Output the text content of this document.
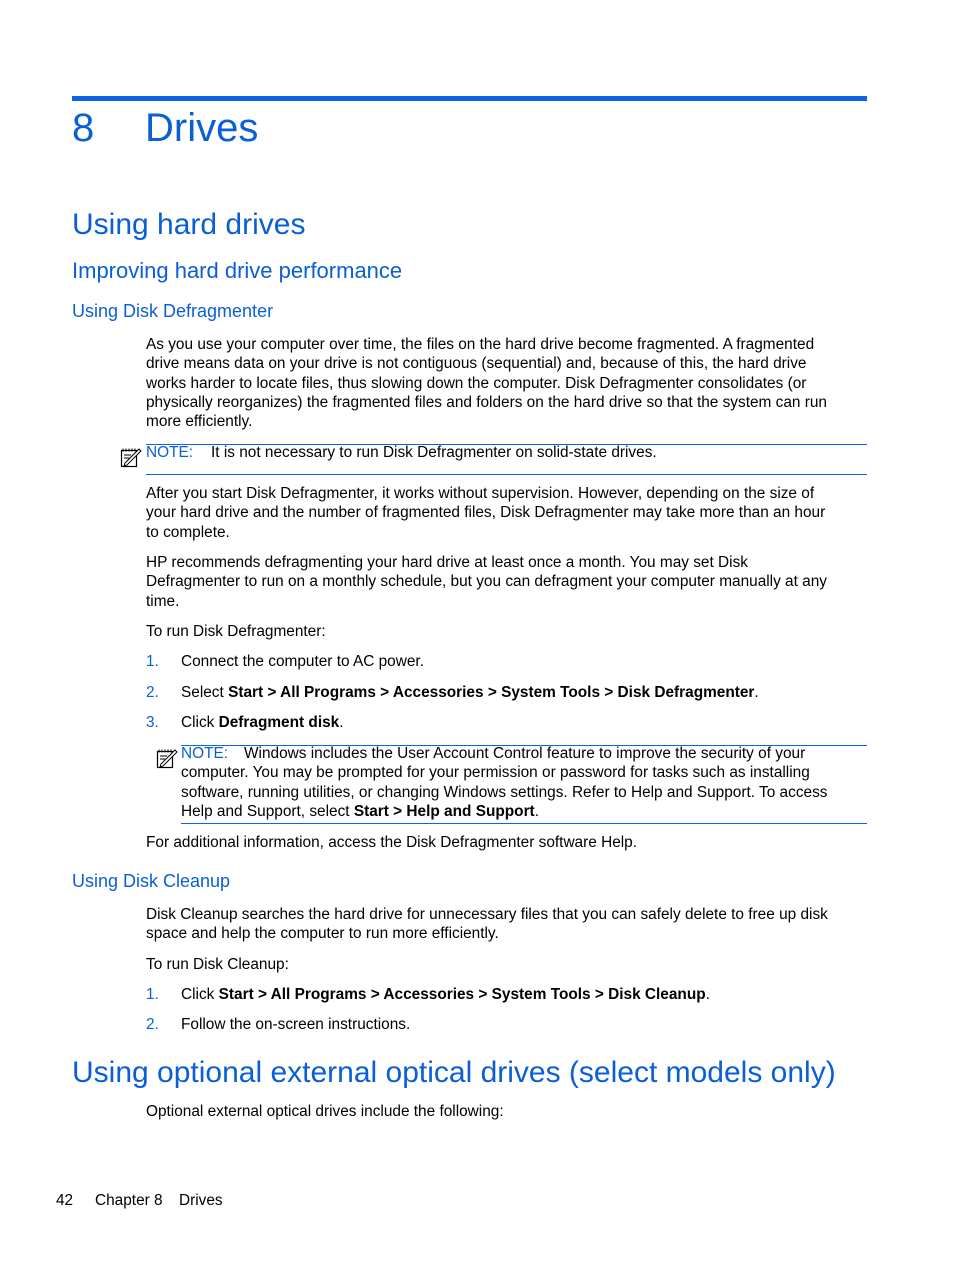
8 Drives
Using hard drives
Improving hard drive performance
Using Disk Defragmenter
As you use your computer over time, the files on the hard drive become fragmented. A fragmented
drive means data on your drive is not contiguous (sequential) and, because of this, the hard drive
works harder to locate files, thus slowing down the computer. Disk Defragmenter consolidates (or
physically reorganizes) the fragmented files and folders on the hard drive so that the system can run
more efficiently.
NOTE: It is not necessary to run Disk Defragmenter on solid-state drives.
After you start Disk Defragmenter, it works without supervision. However, depending on the size of
your hard drive and the number of fragmented files, Disk Defragmenter may take more than an hour
to complete.
HP recommends defragmenting your hard drive at least once a month. You may set Disk
Defragmenter to run on a monthly schedule, but you can defragment your computer manually at any
time.
To run Disk Defragmenter:
1. Connect the computer to AC power.
2. Select Start > All Programs > Accessories > System Tools > Disk Defragmenter.
3. Click Defragment disk.
NOTE: Windows includes the User Account Control feature to improve the security of your
computer. You may be prompted for your permission or password for tasks such as installing
software, running utilities, or changing Windows settings. Refer to Help and Support. To access
Help and Support, select Start > Help and Support.
For additional information, access the Disk Defragmenter software Help.
Using Disk Cleanup
Disk Cleanup searches the hard drive for unnecessary files that you can safely delete to free up disk
space and help the computer to run more efficiently.
To run Disk Cleanup:
1. Click Start > All Programs > Accessories > System Tools > Disk Cleanup.
2. Follow the on-screen instructions.
Using optional external optical drives (select models only)
Optional external optical drives include the following:
42 Chapter 8 Drives
